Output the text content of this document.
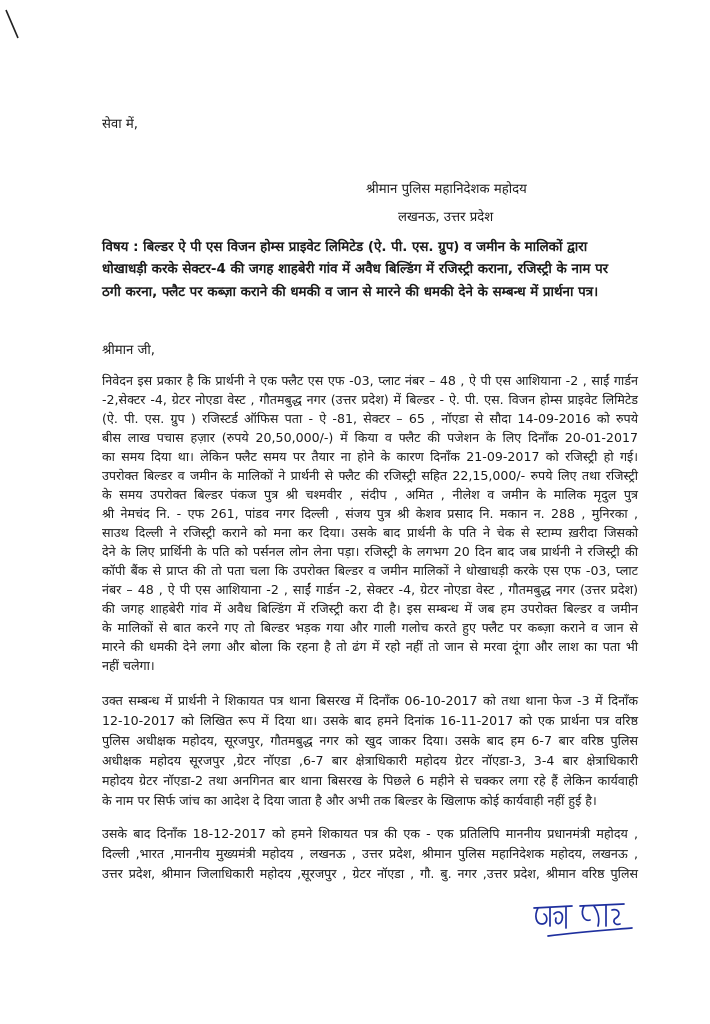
सेवा में,
श्रीमान पुलिस महानिदेशक महोदय
लखनऊ, उत्तर प्रदेश
विषय : बिल्डर ऐ पी एस विजन होम्स प्राइवेट लिमिटेड (ऐ. पी. एस. ग्रुप) व जमीन के मालिकों द्वारा
धोखाधड़ी करके सेक्टर-4 की जगह शाहबेरी गांव में अवैध बिल्डिंग में रजिस्ट्री कराना, रजिस्ट्री के नाम पर
ठगी करना, फ्लैट पर कब्ज़ा कराने की धमकी व जान से मारने की धमकी देने के सम्बन्ध में प्रार्थना पत्र।
श्रीमान जी,
निवेदन इस प्रकार है कि प्रार्थनी ने एक फ्लैट एस एफ -03, प्लाट नंबर – 48 , ऐ पी एस आशियाना -2 , साईं गार्डन
-2,सेक्टर -4, ग्रेटर नोएडा वेस्ट , गौतमबुद्ध नगर (उत्तर प्रदेश) में बिल्डर - ऐ. पी. एस. विजन होम्स प्राइवेट लिमिटेड
(ऐ. पी. एस. ग्रुप ) रजिस्टर्ड ऑफिस पता - ऐ -81, सेक्टर – 65 , नॉएडा से सौदा 14-09-2016 को रुपये
बीस लाख पचास हज़ार (रुपये 20,50,000/-) में किया व फ्लैट की पजेशन के लिए दिनाँक 20-01-2017
का समय दिया था। लेकिन फ्लैट समय पर तैयार ना होने के कारण दिनाँक 21-09-2017 को रजिस्ट्री हो गई।
उपरोक्त बिल्डर व जमीन के मालिकों ने प्रार्थनी से फ्लैट की रजिस्ट्री सहित 22,15,000/- रुपये लिए तथा रजिस्ट्री
के समय उपरोक्त बिल्डर पंकज पुत्र श्री चश्मवीर , संदीप , अमित , नीलेश व जमीन के मालिक मृदुल पुत्र
श्री नेमचंद नि. - एफ 261, पांडव नगर दिल्ली , संजय पुत्र श्री केशव प्रसाद नि. मकान न. 288 , मुनिरका ,
साउथ दिल्ली ने रजिस्ट्री कराने को मना कर दिया। उसके बाद प्रार्थनी के पति ने चेक से स्टाम्प ख़रीदा जिसको
देने के लिए प्रार्थिनी के पति को पर्सनल लोन लेना पड़ा। रजिस्ट्री के लगभग 20 दिन बाद जब प्रार्थनी ने रजिस्ट्री की
कॉपी बैंक से प्राप्त की तो पता चला कि उपरोक्त बिल्डर व जमीन मालिकों ने धोखाधड़ी करके एस एफ -03, प्लाट
नंबर – 48 , ऐ पी एस आशियाना -2 , साईं गार्डन -2, सेक्टर -4, ग्रेटर नोएडा वेस्ट , गौतमबुद्ध नगर (उत्तर प्रदेश)
की जगह शाहबेरी गांव में अवैध बिल्डिंग में रजिस्ट्री करा दी है। इस सम्बन्ध में जब हम उपरोक्त बिल्डर व जमीन
के मालिकों से बात करने गए तो बिल्डर भड़क गया और गाली गलोच करते हुए फ्लैट पर कब्ज़ा कराने व जान से
मारने की धमकी देने लगा और बोला कि रहना है तो ढंग में रहो नहीं तो जान से मरवा दूंगा और लाश का पता भी
नहीं चलेगा।
उक्त सम्बन्ध में प्रार्थनी ने शिकायत पत्र थाना बिसरख में दिनाँक 06-10-2017 को तथा थाना फेज -3 में दिनाँक
12-10-2017 को लिखित रूप में दिया था। उसके बाद हमने दिनांक 16-11-2017 को एक प्रार्थना पत्र वरिष्ठ
पुलिस अधीक्षक महोदय, सूरजपुर, गौतमबुद्ध नगर को खुद जाकर दिया। उसके बाद हम 6-7 बार वरिष्ठ पुलिस
अधीक्षक महोदय सूरजपुर ,ग्रेटर नॉएडा ,6-7 बार क्षेत्राधिकारी महोदय ग्रेटर नॉएडा-3, 3-4 बार क्षेत्राधिकारी
महोदय ग्रेटर नॉएडा-2 तथा अनगिनत बार थाना बिसरख के पिछले 6 महीने से चक्कर लगा रहे हैं लेकिन कार्यवाही
के नाम पर सिर्फ जांच का आदेश दे दिया जाता है और अभी तक बिल्डर के खिलाफ कोई कार्यवाही नहीं हुई है।
उसके बाद दिनाँक 18-12-2017 को हमने शिकायत पत्र की एक - एक प्रतिलिपि माननीय प्रधानमंत्री महोदय ,
दिल्ली ,भारत ,माननीय मुख्यमंत्री महोदय , लखनऊ , उत्तर प्रदेश, श्रीमान पुलिस महानिदेशक महोदय, लखनऊ ,
उत्तर प्रदेश, श्रीमान जिलाधिकारी महोदय ,सूरजपुर , ग्रेटर नॉएडा , गौ. बु. नगर ,उत्तर प्रदेश, श्रीमान वरिष्ठ पुलिस
